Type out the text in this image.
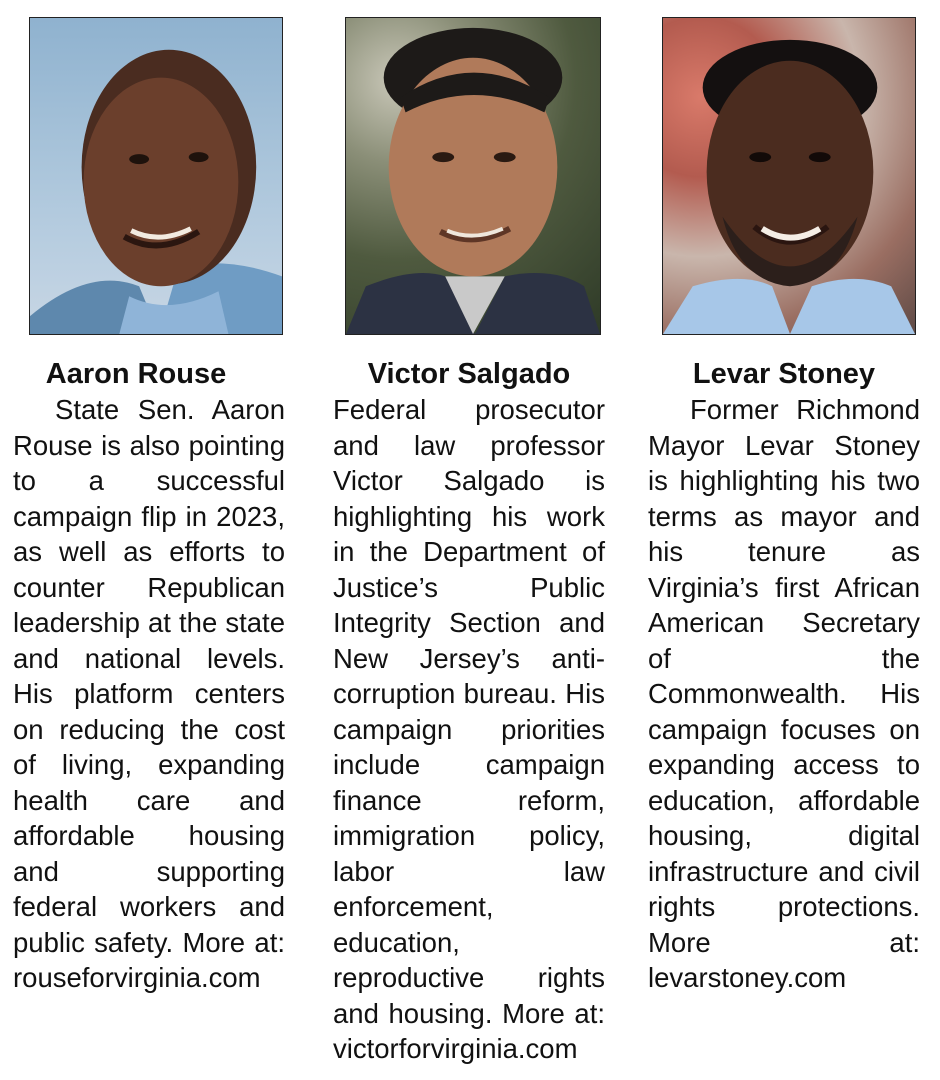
Aaron Rouse

State Sen. Aaron Rouse is also pointing to a successful campaign flip in 2023, as well as efforts to counter Republican leadership at the state and national levels. His platform centers on reducing the cost of living, expanding health care and affordable housing and supporting federal workers and public safety. More at: rouseforvirginia.com

Victor Salgado

Federal prosecutor and law professor Victor Salgado is highlighting his work in the Department of Justice’s Public Integrity Section and New Jersey’s anti-corruption bureau. His campaign priorities include campaign finance reform, immigration policy, labor law enforcement, education, reproductive rights and housing. More at: victorforvirginia.com

Levar Stoney

Former Richmond Mayor Levar Stoney is highlighting his two terms as mayor and his tenure as Virginia’s first African American Secretary of the Commonwealth. His campaign focuses on expanding access to education, affordable housing, digital infrastructure and civil rights protections. More at: levarstoney.com
